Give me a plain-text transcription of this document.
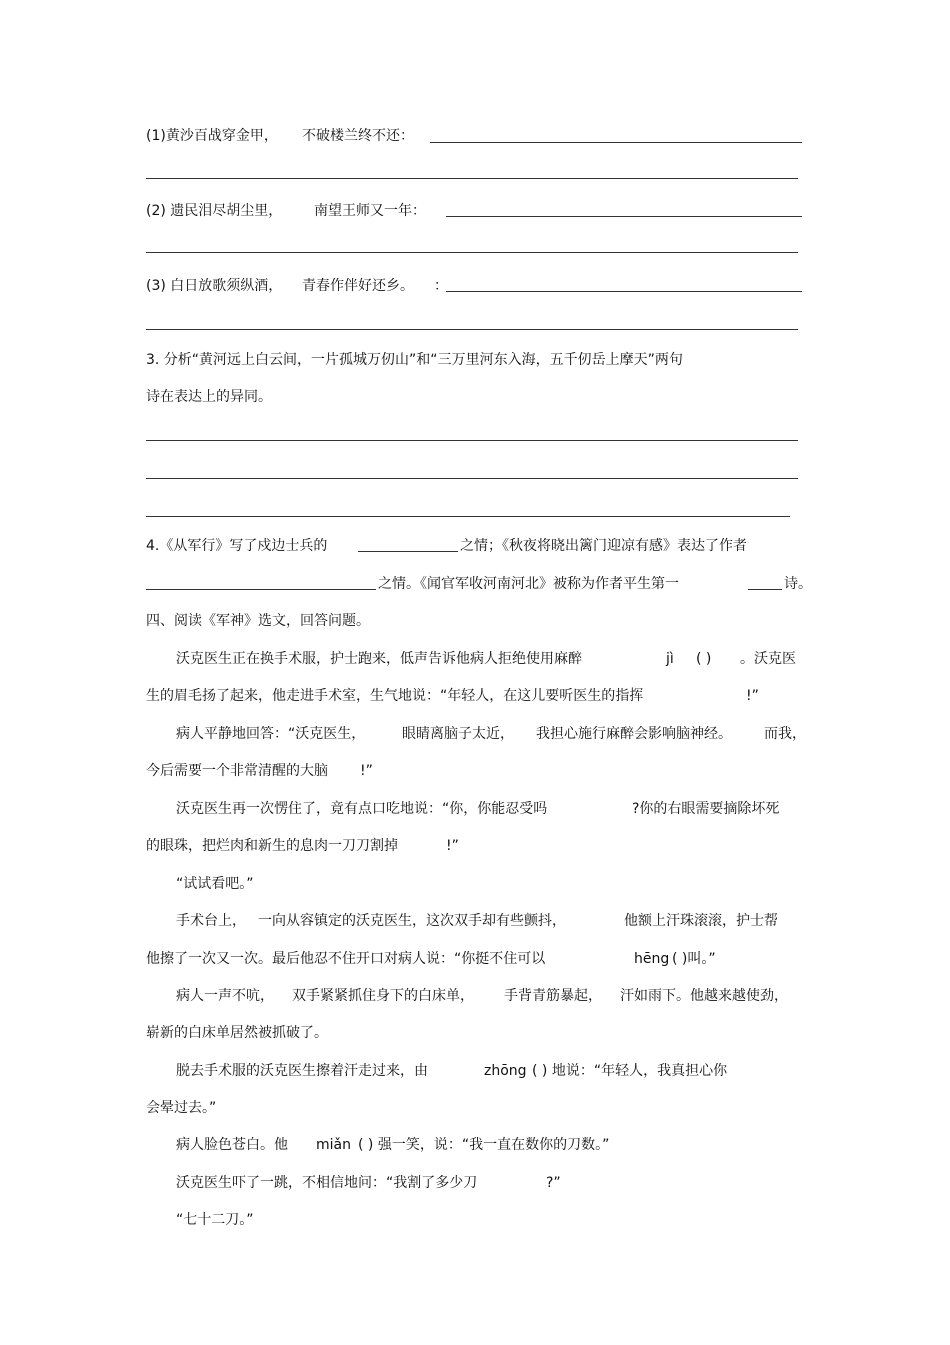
(1)黄沙百战穿金甲， 不破楼兰终不还：
(2) 遗民泪尽胡尘里， 南望王师又一年：
(3) 白日放歌须纵酒， 青春作伴好还乡。 ：
3. 分析“黄河远上白云间，一片孤城万仞山”和“三万里河东入海，五千仞岳上摩天”两句
诗在表达上的异同。
4.《从军行》写了戍边士兵的	之情；《秋夜将晓出篱门迎凉有感》表达了作者
之情。《闻官军收河南河北》被称为作者平生第一	诗。
四、阅读《军神》选文，回答问题。
沃克医生正在换手术服，护士跑来，低声告诉他病人拒绝使用麻醉	jì ( ) 。沃克医
生的眉毛扬了起来，他走进手术室，生气地说：“年轻人，在这儿要听医生的指挥	!”
病人平静地回答：“沃克医生，	眼睛离脑子太近， 我担心施行麻醉会影响脑神经。 而我，
今后需要一个非常清醒的大脑 !”
沃克医生再一次愣住了，竟有点口吃地说：“你，你能忍受吗	?你的右眼需要摘除坏死
的眼珠，把烂肉和新生的息肉一刀刀割掉	!”
“试试看吧。”
手术台上， 一向从容镇定的沃克医生，这次双手却有些颤抖，	他额上汗珠滚滚，护士帮
他擦了一次又一次。最后他忍不住开口对病人说：“你挺不住可以	hēng ( )叫。”
病人一声不吭， 双手紧紧抓住身下的白床单， 手背青筋暴起， 汗如雨下。他越来越使劲，
崭新的白床单居然被抓破了。
脱去手术服的沃克医生擦着汗走过来，由	zhōng ( ) 地说：“年轻人，我真担心你
会晕过去。”
病人脸色苍白。他 miǎn ( ) 强一笑，说：“我一直在数你的刀数。”
沃克医生吓了一跳，不相信地问：“我割了多少刀	?”
“七十二刀。”
